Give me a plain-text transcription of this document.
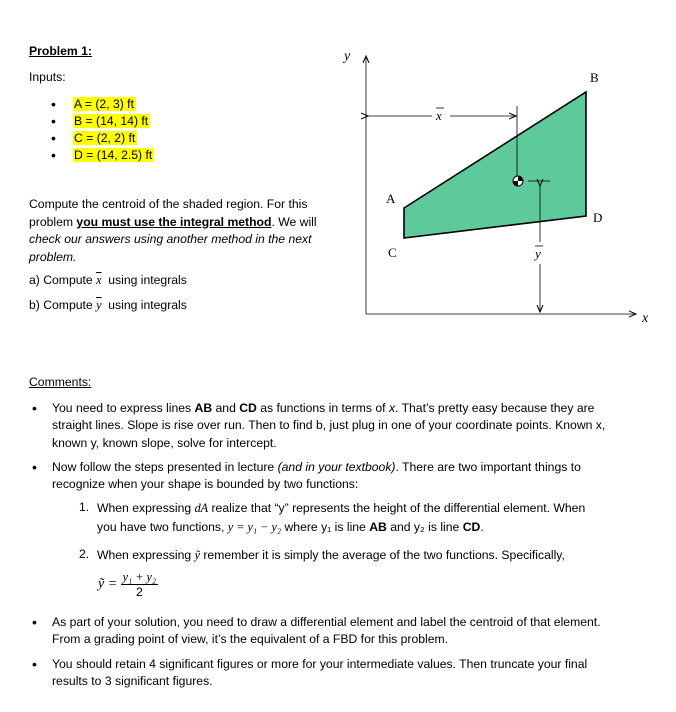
Problem 1:
Inputs:
• A = (2, 3) ft
• B = (14, 14) ft
• C = (2, 2) ft
• D = (14, 2.5) ft
Compute the centroid of the shaded region. For this
problem you must use the integral method. We will
check our answers using another method in the next
problem.
a) Compute $\overline{x}$ using integrals
b) Compute $\overline{y}$ using integrals
y
x
A
B
C
D
x
y
Comments:
• You need to express lines AB and CD as functions in terms of x. That’s pretty easy because they are
straight lines. Slope is rise over run. Then to find b, just plug in one of your coordinate points. Known x,
known y, known slope, solve for intercept.
• Now follow the steps presented in lecture (and in your textbook). There are two important things to
recognize when your shape is bounded by two functions:
1. When expressing dA realize that “y” represents the height of the differential element. When
you have two functions, y = y₁ − y₂ where y₁ is line AB and y₂ is line CD.
2. When expressing ỹ remember it is simply the average of the two functions. Specifically,
ỹ = $\frac{\text{y₁ + y₂}}{2}$
• As part of your solution, you need to draw a differential element and label the centroid of that element.
From a grading point of view, it’s the equivalent of a FBD for this problem.
• You should retain 4 significant figures or more for your intermediate values. Then truncate your final
results to 3 significant figures.
